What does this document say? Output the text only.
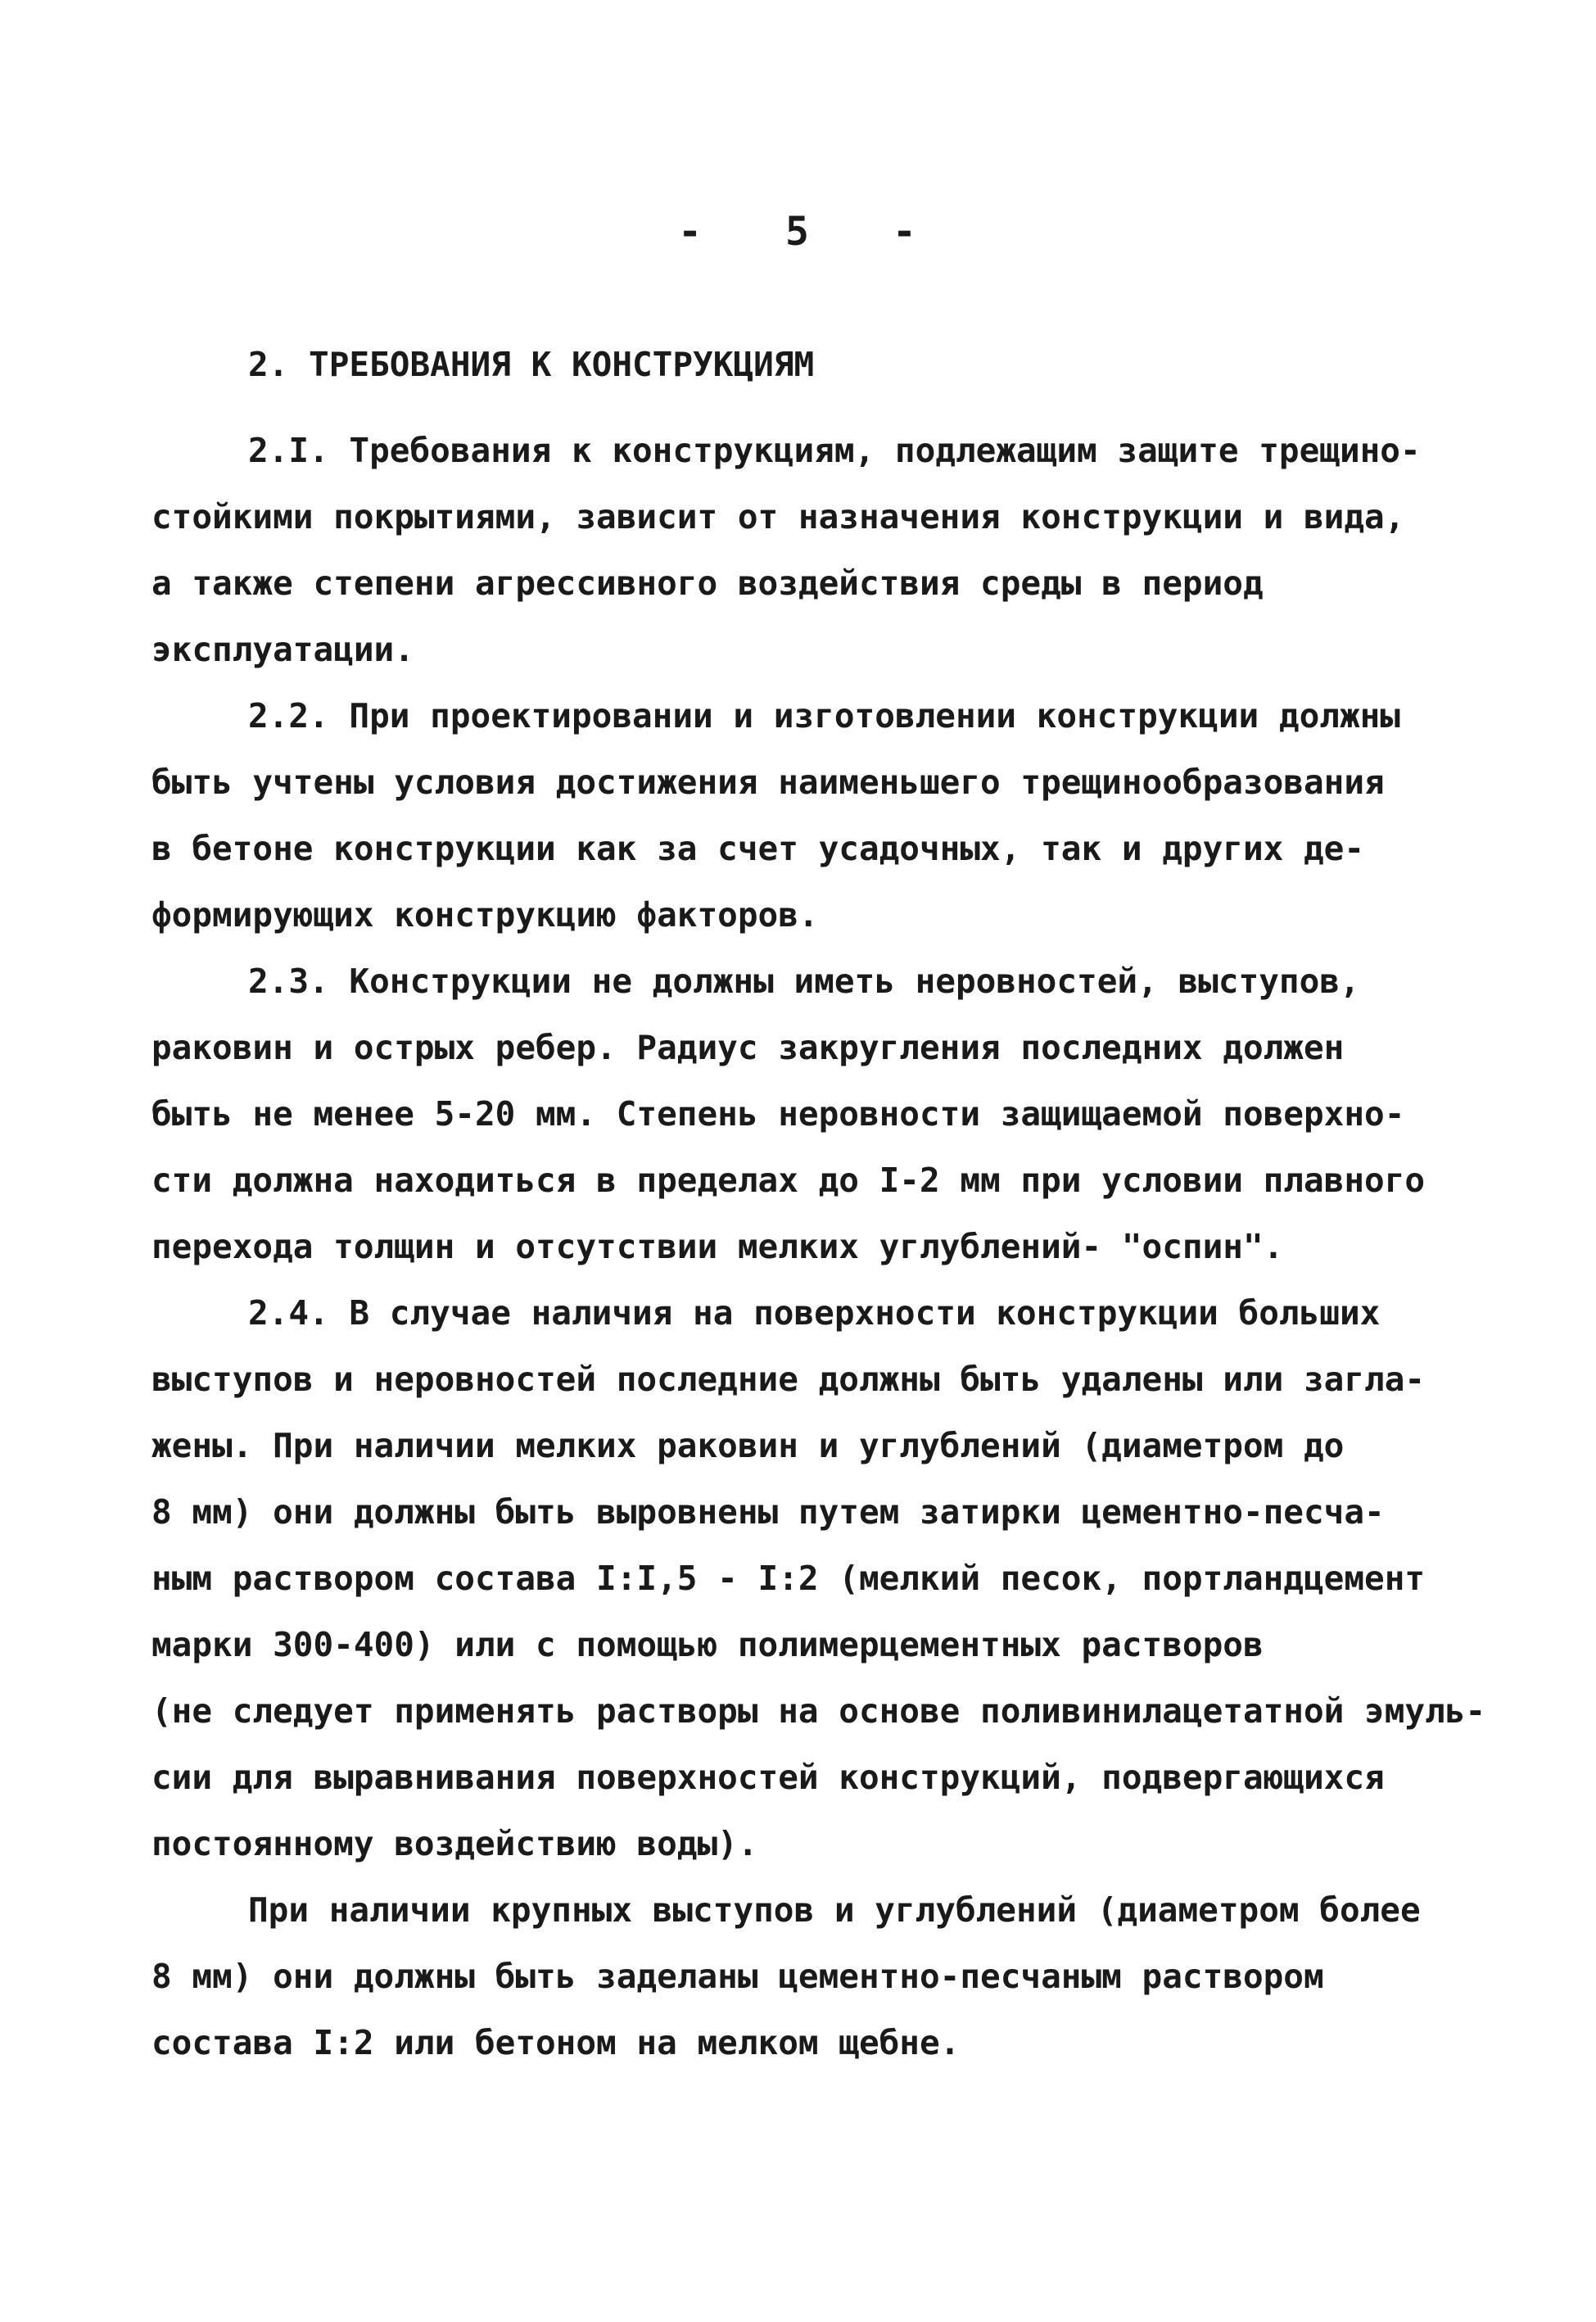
- 5 -
2. ТРЕБОВАНИЯ К КОНСТРУКЦИЯМ
2.I. Требования к конструкциям, подлежащим защите трещино-
стойкими покрытиями, зависит от назначения конструкции и вида,
а также степени агрессивного воздействия среды в период
эксплуатации.
2.2. При проектировании и изготовлении конструкции должны
быть учтены условия достижения наименьшего трещинообразования
в бетоне конструкции как за счет усадочных, так и других де-
формирующих конструкцию факторов.
2.3. Конструкции не должны иметь неровностей, выступов,
раковин и острых ребер. Радиус закругления последних должен
быть не менее 5-20 мм. Степень неровности защищаемой поверхно-
сти должна находиться в пределах до I-2 мм при условии плавного
перехода толщин и отсутствии мелких углублений- "оспин".
2.4. В случае наличия на поверхности конструкции больших
выступов и неровностей последние должны быть удалены или загла-
жены. При наличии мелких раковин и углублений (диаметром до
8 мм) они должны быть выровнены путем затирки цементно-песча-
ным раствором состава I:I,5 - I:2 (мелкий песок, портландцемент
марки 300-400) или с помощью полимерцементных растворов
(не следует применять растворы на основе поливинилацетатной эмуль-
сии для выравнивания поверхностей конструкций, подвергающихся
постоянному воздействию воды).
При наличии крупных выступов и углублений (диаметром более
8 мм) они должны быть заделаны цементно-песчаным раствором
состава I:2 или бетоном на мелком щебне.
